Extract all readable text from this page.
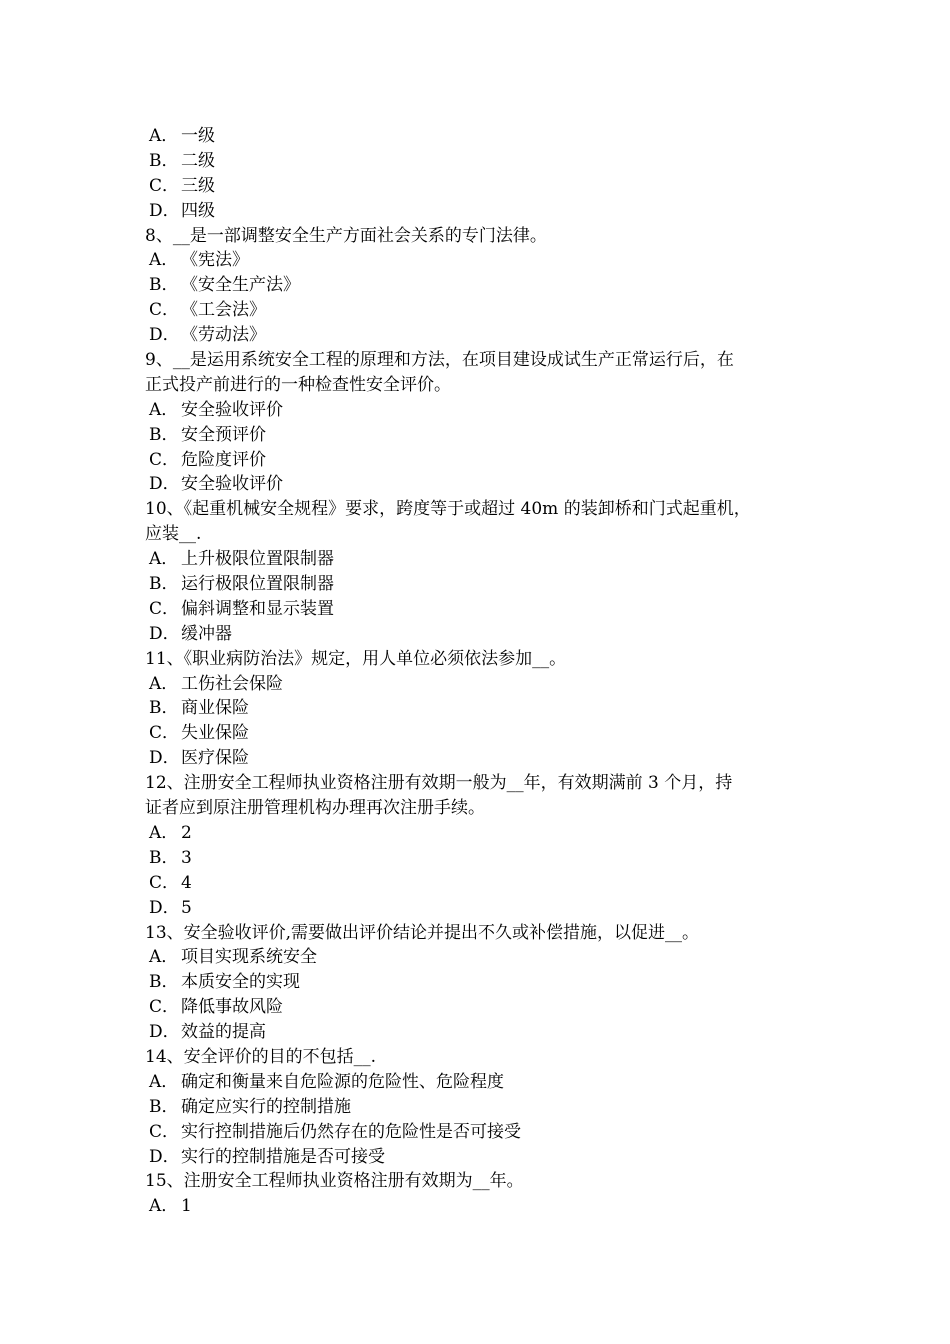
A． 一级
B． 二级
C． 三级
D．四级
8、__是一部调整安全生产方面社会关系的专门法律。
A． 《宪法》
B． 《安全生产法》
C． 《工会法》
D．《劳动法》
9、__是运用系统安全工程的原理和方法，在项目建设成试生产正常运行后，在
正式投产前进行的一种检查性安全评价。
A． 安全验收评价
B． 安全预评价
C． 危险度评价
D．安全验收评价
10、《起重机械安全规程》要求，跨度等于或超过 40m 的装卸桥和门式起重机，
应装__.
A． 上升极限位置限制器
B． 运行极限位置限制器
C． 偏斜调整和显示装置
D．缓冲器
11、《职业病防治法》规定，用人单位必须依法参加__。
A． 工伤社会保险
B． 商业保险
C． 失业保险
D．医疗保险
12、注册安全工程师执业资格注册有效期一般为__年，有效期满前 3 个月，持
证者应到原注册管理机构办理再次注册手续。
A． 2
B． 3
C． 4
D．5
13、安全验收评价,需要做出评价结论并提出不久或补偿措施，以促进__。
A． 项目实现系统安全
B． 本质安全的实现
C． 降低事故风险
D．效益的提高
14、安全评价的目的不包括__.
A． 确定和衡量来自危险源的危险性、危险程度
B． 确定应实行的控制措施
C． 实行控制措施后仍然存在的危险性是否可接受
D．实行的控制措施是否可接受
15、注册安全工程师执业资格注册有效期为__年。
A． 1
